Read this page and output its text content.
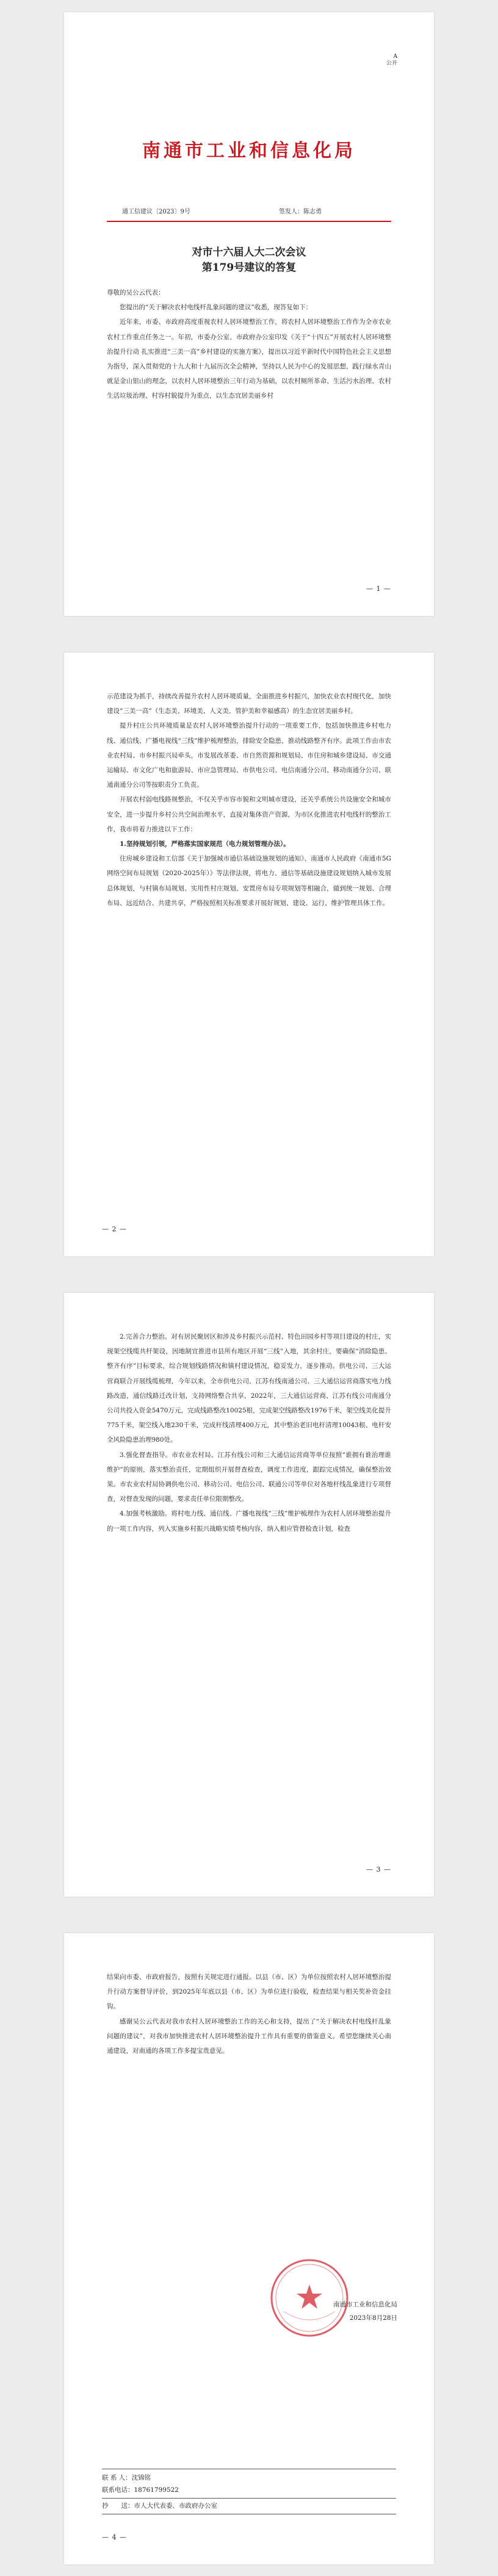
A
公开
南通市工业和信息化局
通工信建议〔2023〕9号	签发人：陈志勇
对市十六届人大二次会议
第179号建议的答复

尊敬的吴公云代表：

您提出的“关于解决农村电线杆乱象问题的建议”收悉，现答复如下：

近年来，市委、市政府高度重视农村人居环境整治工作，将农村人居环境整治工作作为全市农业农村工作重点任务之一。年初，市委办公室、市政府办公室印发《关于“十四五”开展农村人居环境整治提升行动 扎实推进“三美一高”乡村建设的实施方案》，提出以习近平新时代中国特色社会主义思想为指导，深入贯彻党的十九大和十九届历次全会精神，坚持以人民为中心的发展思想，践行绿水青山就是金山银山的理念，以农村人居环境整治三年行动为基础，以农村厕所革命、生活污水治理、农村生活垃圾治理、村容村貌提升为重点，以生态宜居美丽乡村

— 1 —

示范建设为抓手，持续改善提升农村人居环境质量，全面推进乡村振兴，加快农业农村现代化，加快建设“三美一高”（生态美、环境美、人文美、管护美和幸福感高）的生态宜居美丽乡村。

提升村庄公共环境质量是农村人居环境整治提升行动的一项重要工作，包括加快推进乡村电力线、通信线、广播电视线“三线”维护梳理整治，排除安全隐患，推动线路整齐有序。此项工作由市农业农村局、市乡村振兴局牵头，市发展改革委、市自然资源和规划局、市住房和城乡建设局、市交通运输局、市文化广电和旅游局、市应急管理局、市供电公司、电信南通分公司、移动南通分公司、联通南通分公司等按职责分工负责。

开展农村弱电线路规整治，不仅关乎市容市貌和文明城市建设，还关乎系统公共设施安全和城市安全，进一步提升乡村公共空间治理水平，直接对集体资产资源，为市区化推进农村电线杆的整治工作，我市将着力推进以下工作：

1.坚持规划引领，严格落实国家规范（电力规划管理办法）。

住房城乡建设和工信部《关于加强城市通信基础设施规划的通知》、南通市人民政府《南通市5G网络空间布局规划（2020-2025年）》等法律法规，将电力、通信等基础设施建设规划纳入城市发展总体规划，与村镇布局规划、实用性村庄规划、安置房布局专项规划等相融合，做到统一规划、合理布局、远近结合、共建共享，严格按照相关标准要求开展好规划、建设、运行、维护管理具体工作。

— 2 —

2.完善合力整治。对有居民聚居区和涉及乡村振兴示范村、特色田园乡村等项目建设的村庄，实现架空线缆共杆架设，因地制宜推进市县所有地区开展“三线”入地，其余村庄，要确保“消除隐患、整齐有序”目标要求，综合规划线路情况和镇村建设情况，稳妥发力，逐步推动。供电公司、三大运营商联合开展线缆梳理，今年以来，全市供电公司、江苏有线南通公司、三大通信运营商落实电力线路改造，通信线路迁改计划，支持网络整合共享，2022年，三大通信运营商、江苏有线公司南通分公司共投入资金5470万元，完成线路整改10025根，完成架空线路整改1976千米，架空线美化提升775千米，架空线入地230千米，完成杆线清理400万元，其中整治老旧电杆清理10043根、电杆安全风险隐患治理980处。

3.强化督查指导。市农业农村局、江苏有线公司和三大通信运营商等单位按照“谁拥有谁治理谁维护”的原则，落实整治责任，定期组织开展督查检查，调度工作进度，跟踪完成情况，确保整治效果。市农业农村局协调供电公司、移动公司、电信公司、联通公司等单位对各地杆线乱象进行专项督查，对督查发现的问题，要求责任单位限期整改。

4.加强考核激励。将村电力线、通信线、广播电视线“三线”维护梳理作为农村人居环境整治提升的一项工作内容，列入实施乡村振兴战略实绩考核内容，纳入相应管督检查计划，检查

— 3 —

结果向市委、市政府报告，按照有关规定进行通报。以县（市、区）为单位按照农村人居环境整治提升行动方案督导评价，到2025年年底以县（市、区）为单位进行验收，检查结果与相关奖补资金挂钩。

感谢吴公云代表对我市农村人居环境整治工作的关心和支持，提出了“关于解决农村电线杆乱象问题的建议”，对我市加快推进农村人居环境整治提升工作具有重要的借鉴意义。希望您继续关心南通建设，对南通的各项工作多提宝贵意见。

南通市工业和信息化局
2023年8月28日
联 系 人：沈锦铭
联系电话：18761799522
抄　　送：市人大代表委、市政府办公室
— 4 —
